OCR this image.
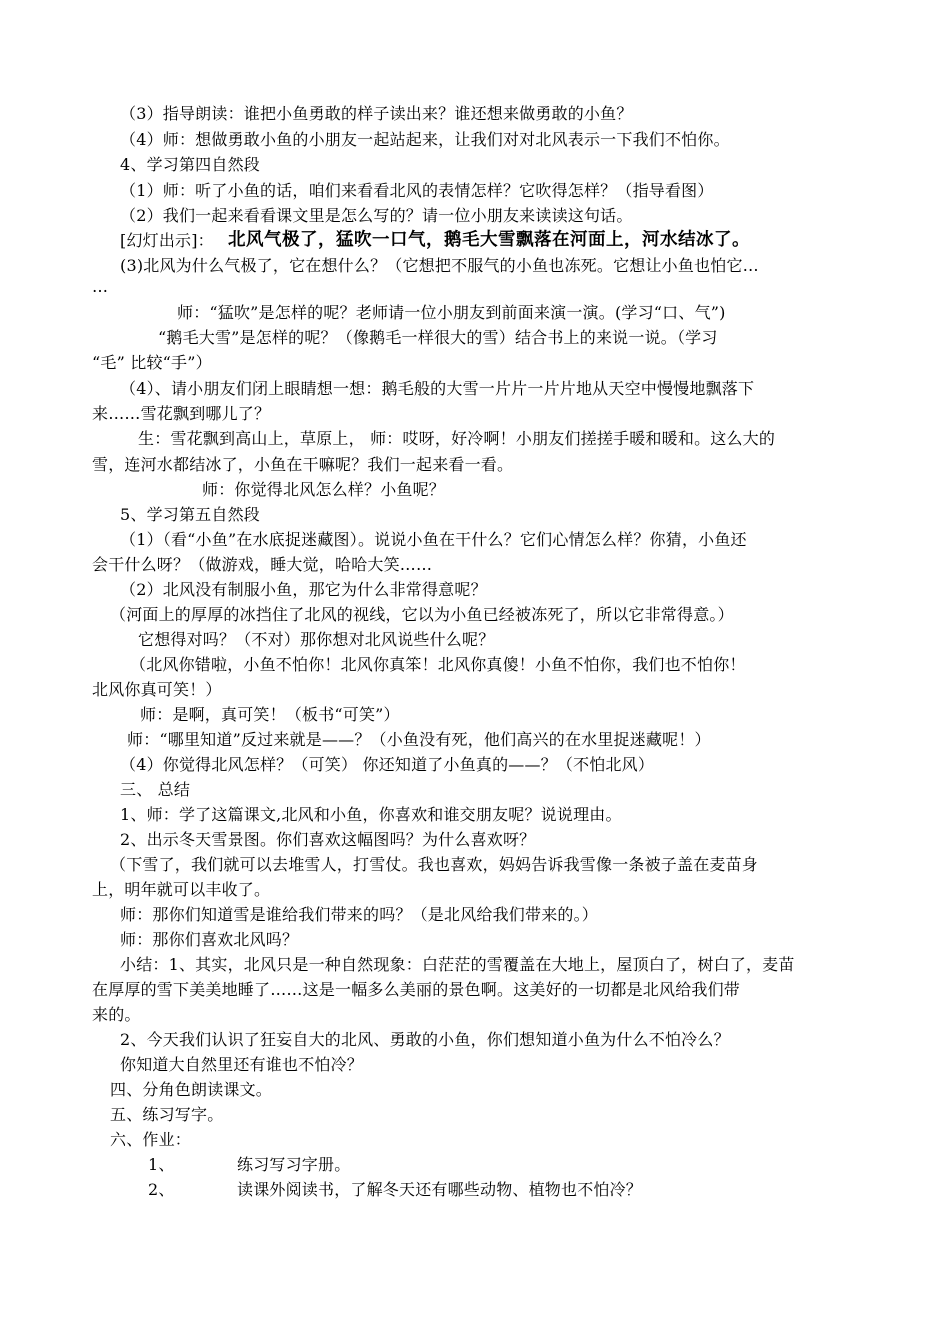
（3）指导朗读：谁把小鱼勇敢的样子读出来？谁还想来做勇敢的小鱼？
（4）师：想做勇敢小鱼的小朋友一起站起来，让我们对对北风表示一下我们不怕你。
4、学习第四自然段
（1）师：听了小鱼的话，咱们来看看北风的表情怎样？它吹得怎样？（指导看图）
（2）我们一起来看看课文里是怎么写的？请一位小朋友来读读这句话。
[幻灯出示]： 北风气极了，猛吹一口气，鹅毛大雪飘落在河面上，河水结冰了。
(3)北风为什么气极了，它在想什么？（它想把不服气的小鱼也冻死。它想让小鱼也怕它…
…
师：“猛吹”是怎样的呢？老师请一位小朋友到前面来演一演。(学习“口、气”)
“鹅毛大雪”是怎样的呢？（像鹅毛一样很大的雪）结合书上的来说一说。（学习
“毛” 比较“手”）
（4）、请小朋友们闭上眼睛想一想：鹅毛般的大雪一片片一片片地从天空中慢慢地飘落下
来……雪花飘到哪儿了？
生：雪花飘到高山上，草原上， 师：哎呀，好冷啊！小朋友们搓搓手暖和暖和。这么大的
雪，连河水都结冰了，小鱼在干嘛呢？我们一起来看一看。
师：你觉得北风怎么样？小鱼呢？
5、学习第五自然段
（1）（看“小鱼”在水底捉迷藏图）。说说小鱼在干什么？它们心情怎么样？你猜，小鱼还
会干什么呀？（做游戏，睡大觉，哈哈大笑……
（2）北风没有制服小鱼，那它为什么非常得意呢？
（河面上的厚厚的冰挡住了北风的视线，它以为小鱼已经被冻死了，所以它非常得意。）
它想得对吗？（不对）那你想对北风说些什么呢？
（北风你错啦，小鱼不怕你！北风你真笨！北风你真傻！小鱼不怕你，我们也不怕你！
北风你真可笑！）
师：是啊，真可笑！（板书“可笑”）
师：“哪里知道”反过来就是——？（小鱼没有死，他们高兴的在水里捉迷藏呢！）
（4）你觉得北风怎样？（可笑） 你还知道了小鱼真的——？（不怕北风）
三、 总结
1、师：学了这篇课文,北风和小鱼，你喜欢和谁交朋友呢？说说理由。
2、出示冬天雪景图。你们喜欢这幅图吗？为什么喜欢呀？
（下雪了，我们就可以去堆雪人，打雪仗。我也喜欢，妈妈告诉我雪像一条被子盖在麦苗身
上，明年就可以丰收了。
师：那你们知道雪是谁给我们带来的吗？（是北风给我们带来的。）
师：那你们喜欢北风吗？
小结：1、其实，北风只是一种自然现象：白茫茫的雪覆盖在大地上，屋顶白了，树白了，麦苗
在厚厚的雪下美美地睡了……这是一幅多么美丽的景色啊。这美好的一切都是北风给我们带
来的。
2、今天我们认识了狂妄自大的北风、勇敢的小鱼，你们想知道小鱼为什么不怕冷么？
你知道大自然里还有谁也不怕冷？
四、分角色朗读课文。
五、练习写字。
六、作业：
1、	练习写习字册。
2、	读课外阅读书，了解冬天还有哪些动物、植物也不怕冷？
